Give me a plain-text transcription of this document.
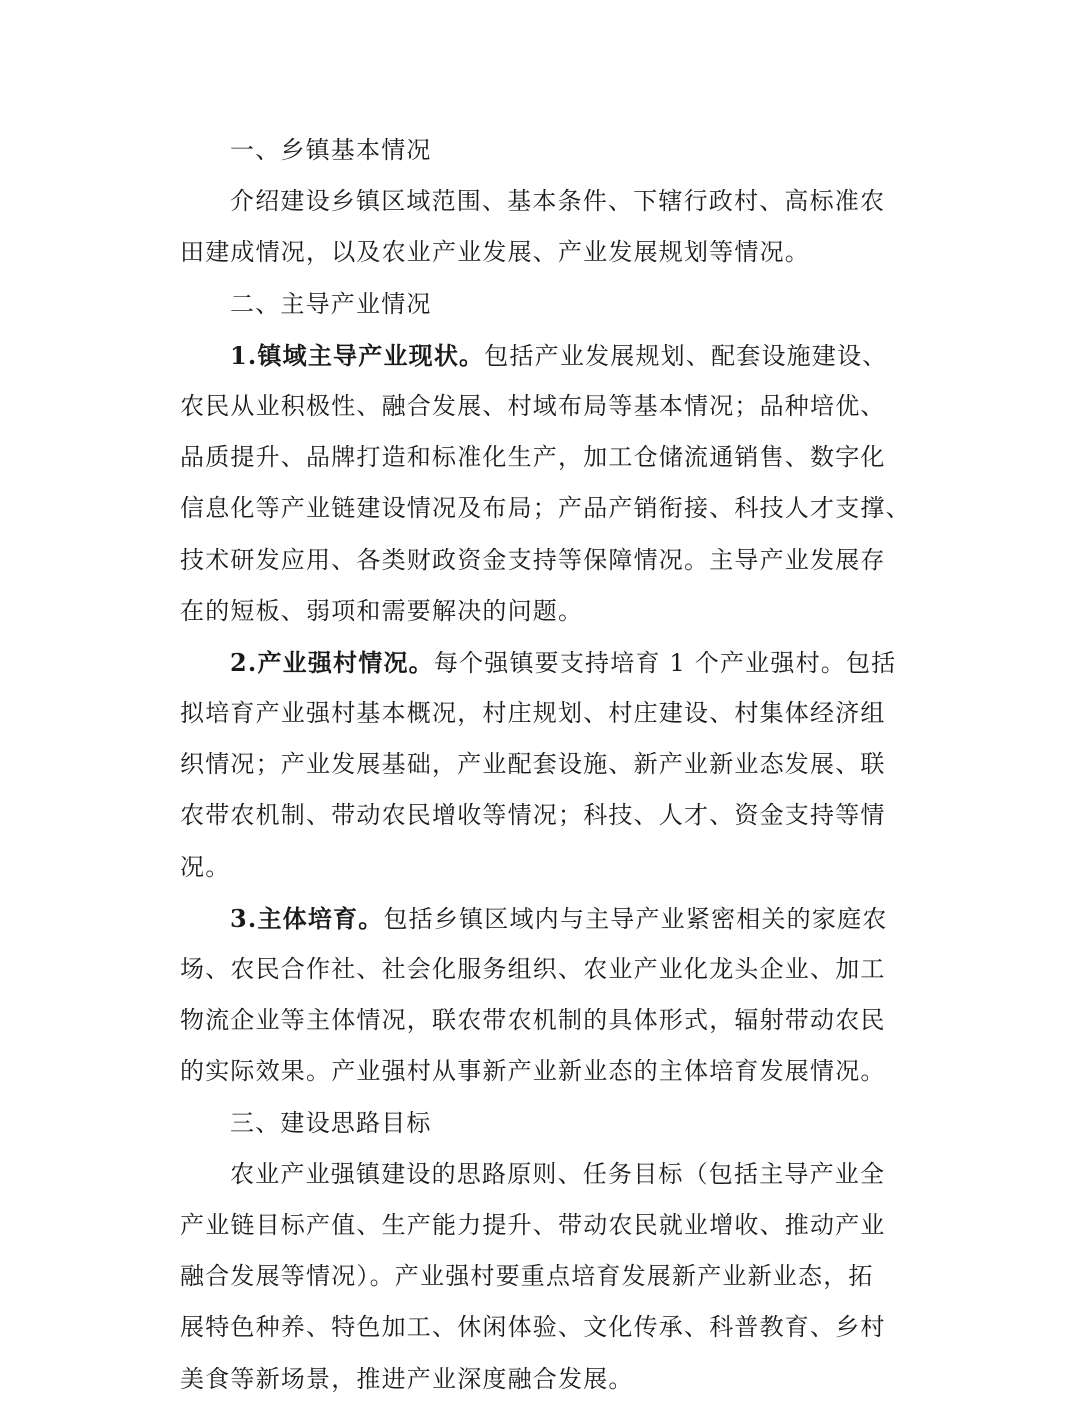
一、乡镇基本情况
介绍建设乡镇区域范围、基本条件、下辖行政村、高标准农
田建成情况，以及农业产业发展、产业发展规划等情况。
二、主导产业情况
1.镇域主导产业现状。包括产业发展规划、配套设施建设、
农民从业积极性、融合发展、村域布局等基本情况；品种培优、
品质提升、品牌打造和标准化生产，加工仓储流通销售、数字化
信息化等产业链建设情况及布局；产品产销衔接、科技人才支撑、
技术研发应用、各类财政资金支持等保障情况。主导产业发展存
在的短板、弱项和需要解决的问题。
2.产业强村情况。每个强镇要支持培育 1 个产业强村。包括
拟培育产业强村基本概况，村庄规划、村庄建设、村集体经济组
织情况；产业发展基础，产业配套设施、新产业新业态发展、联
农带农机制、带动农民增收等情况；科技、人才、资金支持等情
况。
3.主体培育。包括乡镇区域内与主导产业紧密相关的家庭农
场、农民合作社、社会化服务组织、农业产业化龙头企业、加工
物流企业等主体情况，联农带农机制的具体形式，辐射带动农民
的实际效果。产业强村从事新产业新业态的主体培育发展情况。
三、建设思路目标
农业产业强镇建设的思路原则、任务目标（包括主导产业全
产业链目标产值、生产能力提升、带动农民就业增收、推动产业
融合发展等情况）。产业强村要重点培育发展新产业新业态，拓
展特色种养、特色加工、休闲体验、文化传承、科普教育、乡村
美食等新场景，推进产业深度融合发展。
